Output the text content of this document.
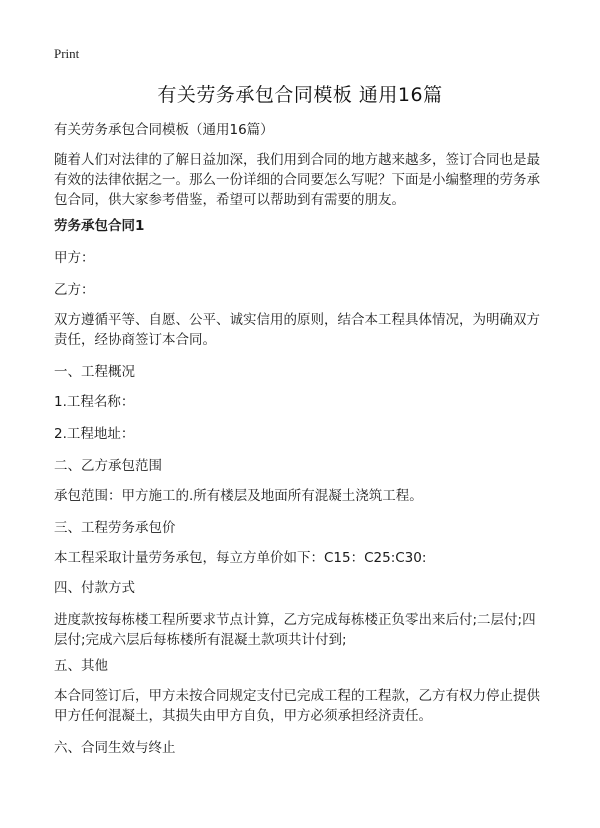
Print
有关劳务承包合同模板 通用16篇
有关劳务承包合同模板（通用16篇）
随着人们对法律的了解日益加深，我们用到合同的地方越来越多，签订合同也是最有效的法律依据之一。那么一份详细的合同要怎么写呢？下面是小编整理的劳务承包合同，供大家参考借鉴，希望可以帮助到有需要的朋友。
劳务承包合同1
甲方：
乙方：
双方遵循平等、自愿、公平、诚实信用的原则，结合本工程具体情况，为明确双方责任，经协商签订本合同。
一、工程概况
1.工程名称：
2.工程地址：
二、乙方承包范围
承包范围：甲方施工的.所有楼层及地面所有混凝土浇筑工程。
三、工程劳务承包价
本工程采取计量劳务承包，每立方单价如下：C15：C25:C30:
四、付款方式
进度款按每栋楼工程所要求节点计算，乙方完成每栋楼正负零出来后付;二层付;四层付;完成六层后每栋楼所有混凝土款项共计付到;
五、其他
本合同签订后，甲方未按合同规定支付已完成工程的工程款，乙方有权力停止提供甲方任何混凝土，其损失由甲方自负，甲方必须承担经济责任。
六、合同生效与终止
